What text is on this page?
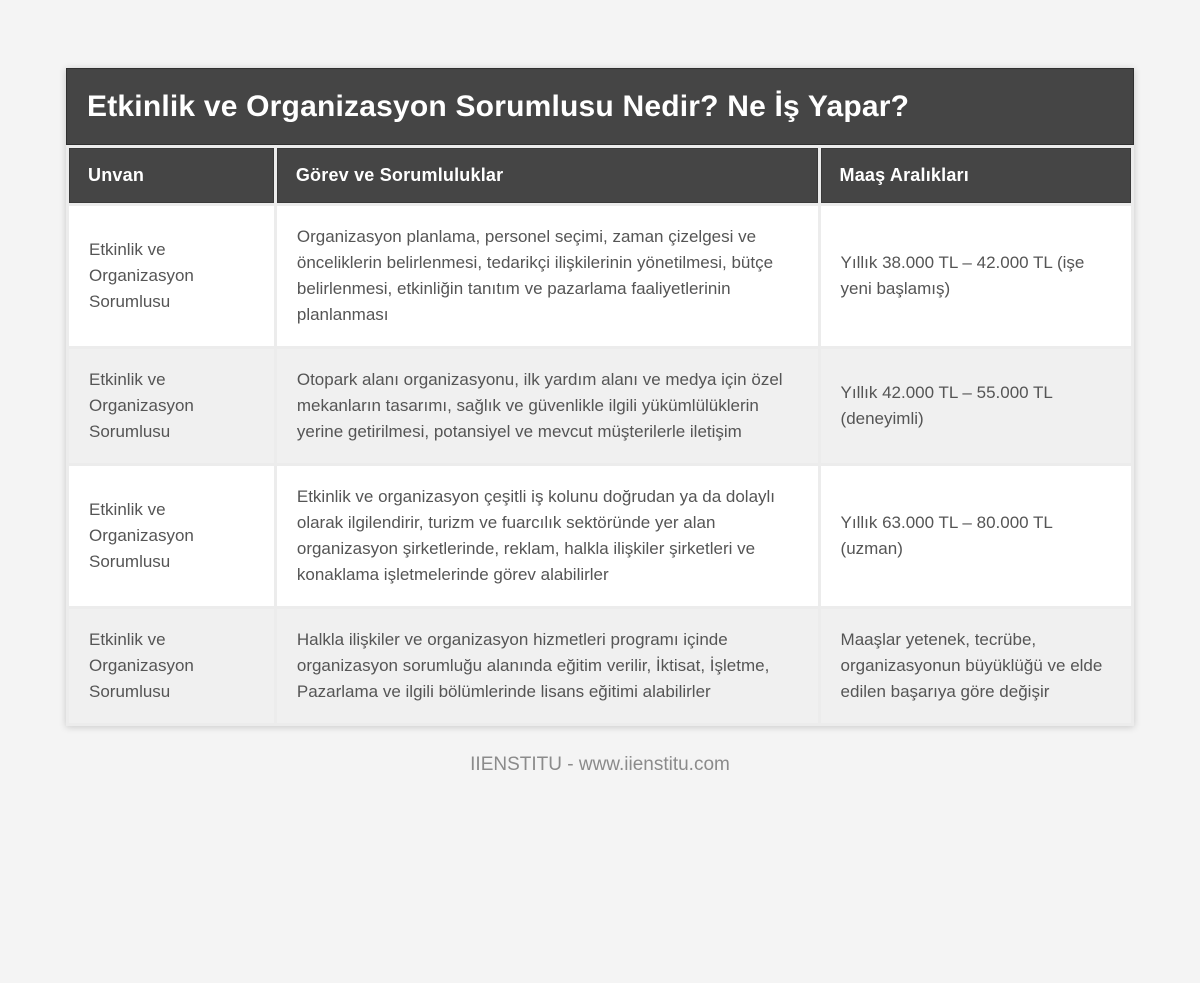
Etkinlik ve Organizasyon Sorumlusu Nedir? Ne İş Yapar?
Unvan	Görev ve Sorumluluklar	Maaş Aralıkları
Etkinlik ve Organizasyon Sorumlusu	Organizasyon planlama, personel seçimi, zaman çizelgesi ve önceliklerin belirlenmesi, tedarikçi ilişkilerinin yönetilmesi, bütçe belirlenmesi, etkinliğin tanıtım ve pazarlama faaliyetlerinin planlanması	Yıllık 38.000 TL – 42.000 TL (işe yeni başlamış)
Etkinlik ve Organizasyon Sorumlusu	Otopark alanı organizasyonu, ilk yardım alanı ve medya için özel mekanların tasarımı, sağlık ve güvenlikle ilgili yükümlülüklerin yerine getirilmesi, potansiyel ve mevcut müşterilerle iletişim	Yıllık 42.000 TL – 55.000 TL (deneyimli)
Etkinlik ve Organizasyon Sorumlusu	Etkinlik ve organizasyon çeşitli iş kolunu doğrudan ya da dolaylı olarak ilgilendirir, turizm ve fuarcılık sektöründe yer alan organizasyon şirketlerinde, reklam, halkla ilişkiler şirketleri ve konaklama işletmelerinde görev alabilirler	Yıllık 63.000 TL – 80.000 TL (uzman)
Etkinlik ve Organizasyon Sorumlusu	Halkla ilişkiler ve organizasyon hizmetleri programı içinde organizasyon sorumluğu alanında eğitim verilir, İktisat, İşletme, Pazarlama ve ilgili bölümlerinde lisans eğitimi alabilirler	Maaşlar yetenek, tecrübe, organizasyonun büyüklüğü ve elde edilen başarıya göre değişir
IIENSTITU - www.iienstitu.com
